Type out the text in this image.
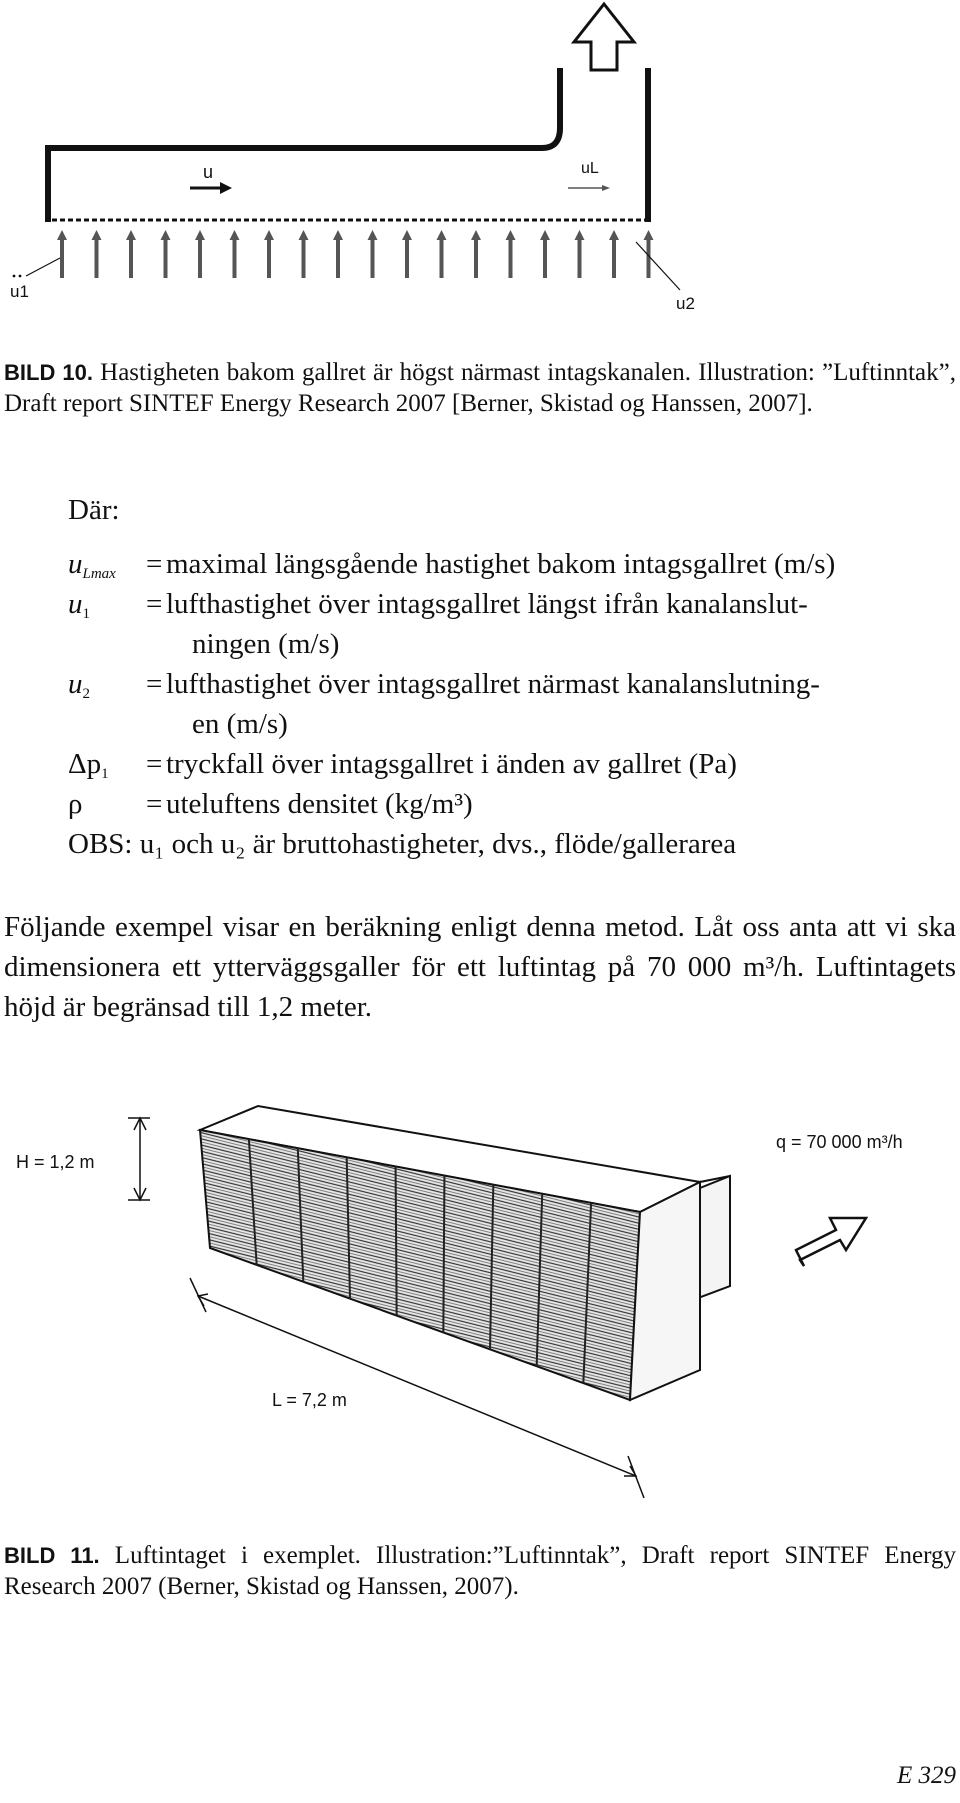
u	uL
u1
u2
BILD 10. Hastigheten bakom gallret är högst närmast intagskanalen. Illustration: ”Luftinntak”, Draft report SINTEF Energy Research 2007 [Berner, Skistad og Hanssen, 2007].
Där:
$u_{Lmax}$ = maximal längsgående hastighet bakom intagsgallret (m/s)
$u_1$ = lufthastighet över intagsgallret längst ifrån kanalanslut-
ningen (m/s)
$u_2$ = lufthastighet över intagsgallret närmast kanalanslutning-
en (m/s)
$\Delta p_1$ = tryckfall över intagsgallret i änden av gallret (Pa)
ρ = uteluftens densitet (kg/m³)
OBS: u₁ och u₂ är bruttohastigheter, dvs., flöde/gallerarea
Följande exempel visar en beräkning enligt denna metod. Låt oss anta att vi ska dimensionera ett ytterväggsgaller för ett luftintag på 70 000 m³/h. Luftintagets höjd är begränsad till 1,2 meter.
H = 1,2 m
q = 70 000 m³/h
L = 7,2 m
BILD 11. Luftintaget i exemplet. Illustration:”Luftinntak”, Draft report SINTEF Energy Research 2007 (Berner, Skistad og Hanssen, 2007).
E 329
